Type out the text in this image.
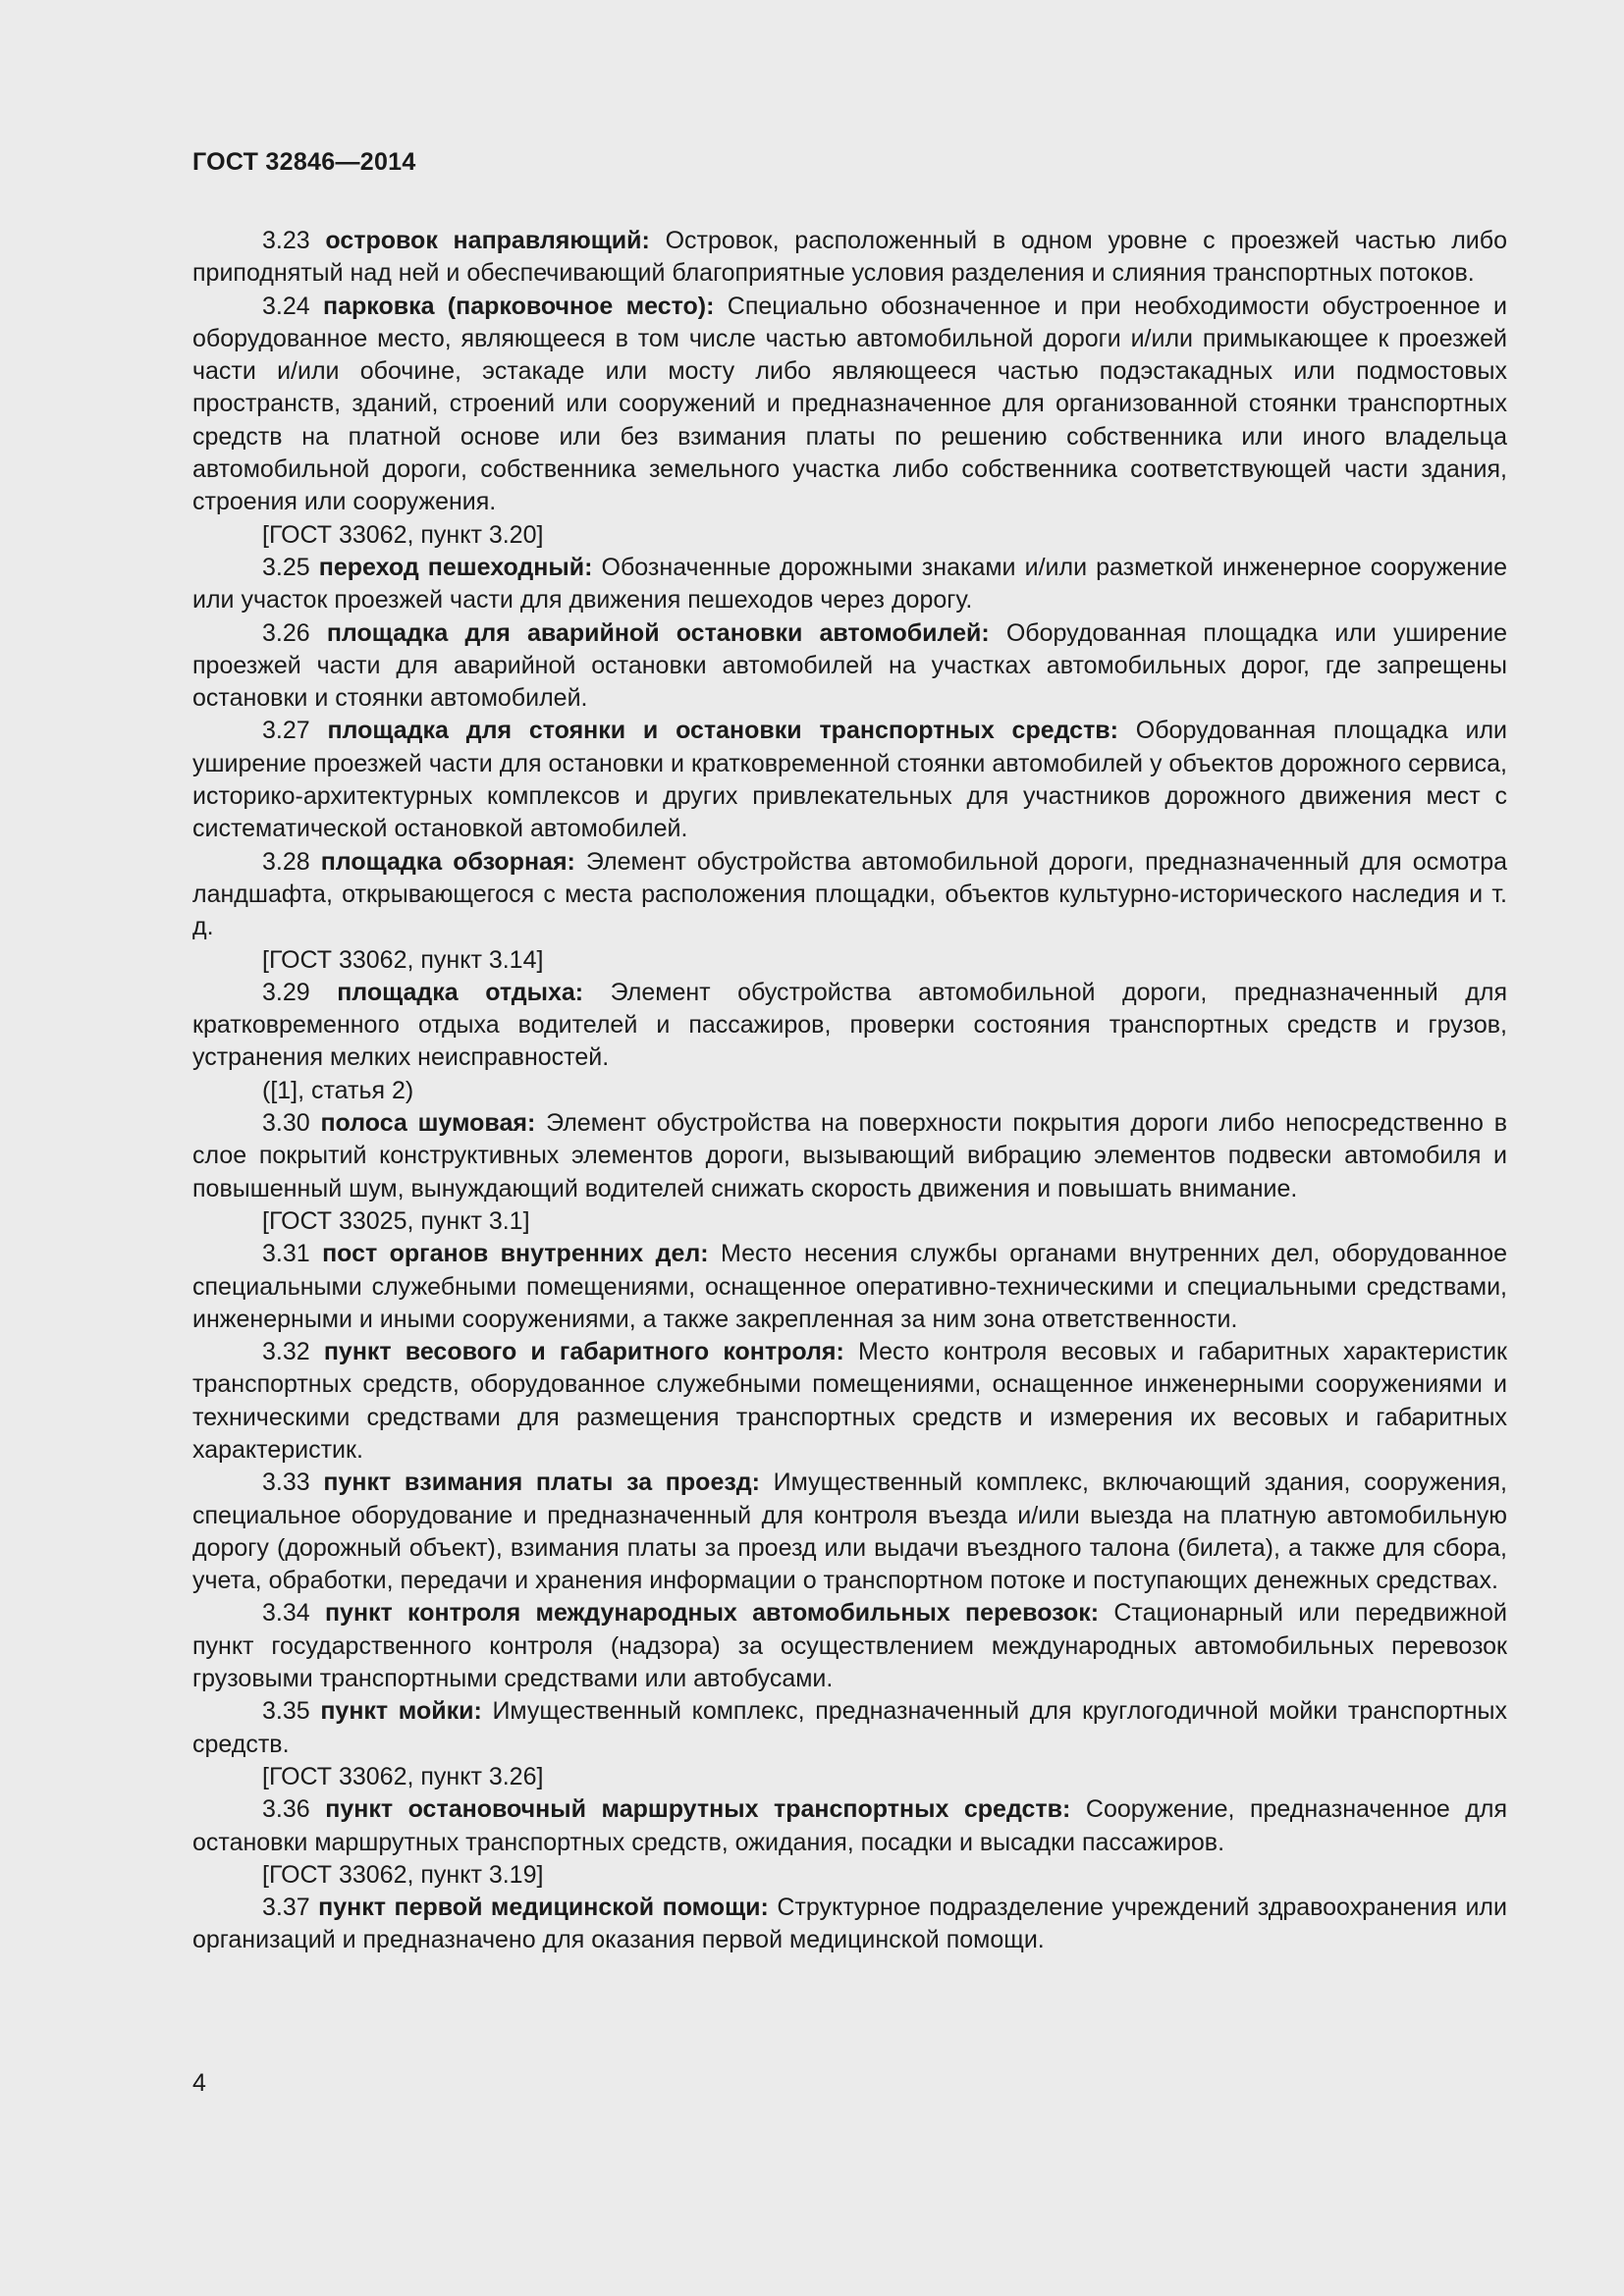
ГОСТ 32846—2014

3.23 островок направляющий: Островок, расположенный в одном уровне с проезжей частью либо приподнятый над ней и обеспечивающий благоприятные условия разделения и слияния транспортных потоков.

3.24 парковка (парковочное место): Специально обозначенное и при необходимости обустроенное и оборудованное место, являющееся в том числе частью автомобильной дороги и/или примыкающее к проезжей части и/или обочине, эстакаде или мосту либо являющееся частью подэстакадных или подмостовых пространств, зданий, строений или сооружений и предназначенное для организованной стоянки транспортных средств на платной основе или без взимания платы по решению собственника или иного владельца автомобильной дороги, собственника земельного участка либо собственника соответствующей части здания, строения или сооружения.

[ГОСТ 33062, пункт 3.20]

3.25 переход пешеходный: Обозначенные дорожными знаками и/или разметкой инженерное сооружение или участок проезжей части для движения пешеходов через дорогу.

3.26 площадка для аварийной остановки автомобилей: Оборудованная площадка или уширение проезжей части для аварийной остановки автомобилей на участках автомобильных дорог, где запрещены остановки и стоянки автомобилей.

3.27 площадка для стоянки и остановки транспортных средств: Оборудованная площадка или уширение проезжей части для остановки и кратковременной стоянки автомобилей у объектов дорожного сервиса, историко-архитектурных комплексов и других привлекательных для участников дорожного движения мест с систематической остановкой автомобилей.

3.28 площадка обзорная: Элемент обустройства автомобильной дороги, предназначенный для осмотра ландшафта, открывающегося с места расположения площадки, объектов культурно-исторического наследия и т. д.

[ГОСТ 33062, пункт 3.14]

3.29 площадка отдыха: Элемент обустройства автомобильной дороги, предназначенный для кратковременного отдыха водителей и пассажиров, проверки состояния транспортных средств и грузов, устранения мелких неисправностей.

([1], статья 2)

3.30 полоса шумовая: Элемент обустройства на поверхности покрытия дороги либо непосредственно в слое покрытий конструктивных элементов дороги, вызывающий вибрацию элементов подвески автомобиля и повышенный шум, вынуждающий водителей снижать скорость движения и повышать внимание.

[ГОСТ 33025, пункт 3.1]

3.31 пост органов внутренних дел: Место несения службы органами внутренних дел, оборудованное специальными служебными помещениями, оснащенное оперативно-техническими и специальными средствами, инженерными и иными сооружениями, а также закрепленная за ним зона ответственности.

3.32 пункт весового и габаритного контроля: Место контроля весовых и габаритных характеристик транспортных средств, оборудованное служебными помещениями, оснащенное инженерными сооружениями и техническими средствами для размещения транспортных средств и измерения их весовых и габаритных характеристик.

3.33 пункт взимания платы за проезд: Имущественный комплекс, включающий здания, сооружения, специальное оборудование и предназначенный для контроля въезда и/или выезда на платную автомобильную дорогу (дорожный объект), взимания платы за проезд или выдачи въездного талона (билета), а также для сбора, учета, обработки, передачи и хранения информации о транспортном потоке и поступающих денежных средствах.

3.34 пункт контроля международных автомобильных перевозок: Стационарный или передвижной пункт государственного контроля (надзора) за осуществлением международных автомобильных перевозок грузовыми транспортными средствами или автобусами.

3.35 пункт мойки: Имущественный комплекс, предназначенный для круглогодичной мойки транспортных средств.

[ГОСТ 33062, пункт 3.26]

3.36 пункт остановочный маршрутных транспортных средств: Сооружение, предназначенное для остановки маршрутных транспортных средств, ожидания, посадки и высадки пассажиров.

[ГОСТ 33062, пункт 3.19]

3.37 пункт первой медицинской помощи: Структурное подразделение учреждений здравоохранения или организаций и предназначено для оказания первой медицинской помощи.

4
